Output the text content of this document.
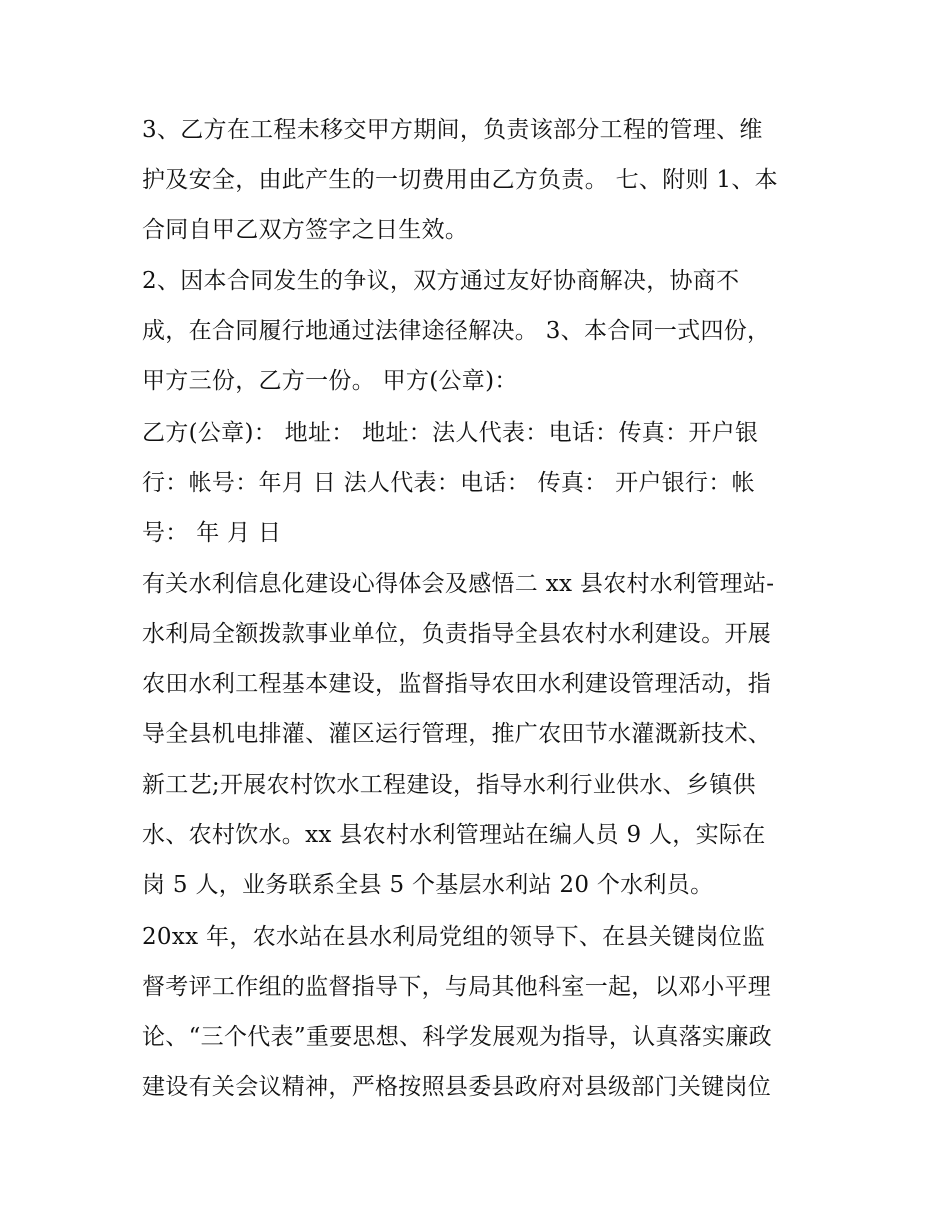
3、乙方在工程未移交甲方期间，负责该部分工程的管理、维
护及安全，由此产生的一切费用由乙方负责。 七、附则 1、本
合同自甲乙双方签字之日生效。
2、因本合同发生的争议，双方通过友好协商解决，协商不
成，在合同履行地通过法律途径解决。 3、本合同一式四份，
甲方三份，乙方一份。 甲方(公章)：
乙方(公章)： 地址： 地址：法人代表：电话：传真：开户银
行：帐号：年月 日 法人代表：电话： 传真： 开户银行：帐
号： 年 月 日
有关水利信息化建设心得体会及感悟二 xx 县农村水利管理站-
水利局全额拨款事业单位，负责指导全县农村水利建设。开展
农田水利工程基本建设，监督指导农田水利建设管理活动，指
导全县机电排灌、灌区运行管理，推广农田节水灌溉新技术、
新工艺;开展农村饮水工程建设，指导水利行业供水、乡镇供
水、农村饮水。xx 县农村水利管理站在编人员 9 人，实际在
岗 5 人，业务联系全县 5 个基层水利站 20 个水利员。
20xx 年，农水站在县水利局党组的领导下、在县关键岗位监
督考评工作组的监督指导下，与局其他科室一起，以邓小平理
论、“三个代表”重要思想、科学发展观为指导，认真落实廉政
建设有关会议精神，严格按照县委县政府对县级部门关键岗位
